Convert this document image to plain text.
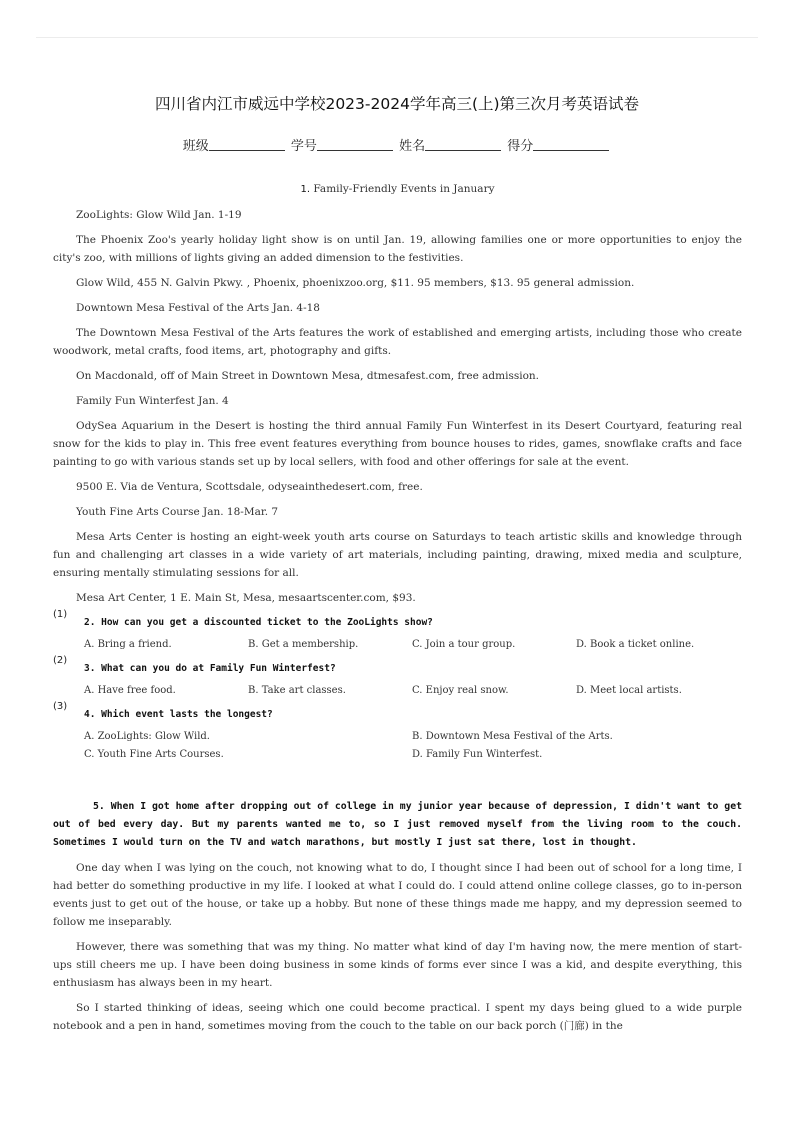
四川省内江市威远中学校2023-2024学年高三(上)第三次月考英语试卷
班级	学号	姓名	得分

1. Family-Friendly Events in January

ZooLights: Glow Wild Jan. 1-19

The Phoenix Zoo's yearly holiday light show is on until Jan. 19, allowing families one or more opportunities to enjoy the city's zoo, with millions of lights giving an added dimension to the festivities.

Glow Wild, 455 N. Galvin Pkwy. , Phoenix, phoenixzoo.org, $11. 95 members, $13. 95 general admission.

Downtown Mesa Festival of the Arts Jan. 4-18

The Downtown Mesa Festival of the Arts features the work of established and emerging artists, including those who create woodwork, metal crafts, food items, art, photography and gifts.

On Macdonald, off of Main Street in Downtown Mesa, dtmesafest.com, free admission.

Family Fun Winterfest Jan. 4

OdySea Aquarium in the Desert is hosting the third annual Family Fun Winterfest in its Desert Courtyard, featuring real snow for the kids to play in. This free event features everything from bounce houses to rides, games, snowflake crafts and face painting to go with various stands set up by local sellers, with food and other offerings for sale at the event.

9500 E. Via de Ventura, Scottsdale, odyseainthedesert.com, free.

Youth Fine Arts Course Jan. 18-Mar. 7

Mesa Arts Center is hosting an eight-week youth arts course on Saturdays to teach artistic skills and knowledge through fun and challenging art classes in a wide variety of art materials, including painting, drawing, mixed media and sculpture, ensuring mentally stimulating sessions for all.

Mesa Art Center, 1 E. Main St, Mesa, mesaartscenter.com, $93.

(1)
2. How can you get a discounted ticket to the ZooLights show?
A. Bring a friend.	B. Get a membership.	C. Join a tour group.	D. Book a ticket online.
(2)
3. What can you do at Family Fun Winterfest?
A. Have free food.	B. Take art classes.	C. Enjoy real snow.	D. Meet local artists.
(3)
4. Which event lasts the longest?
A. ZooLights: Glow Wild.	B. Downtown Mesa Festival of the Arts.
C. Youth Fine Arts Courses.	D. Family Fun Winterfest.

5. When I got home after dropping out of college in my junior year because of depression, I didn't want to get out of bed every day. But my parents wanted me to, so I just removed myself from the living room to the couch. Sometimes I would turn on the TV and watch marathons, but mostly I just sat there, lost in thought.

One day when I was lying on the couch, not knowing what to do, I thought since I had been out of school for a long time, I had better do something productive in my life. I looked at what I could do. I could attend online college classes, go to in-person events just to get out of the house, or take up a hobby. But none of these things made me happy, and my depression seemed to follow me inseparably.

However, there was something that was my thing. No matter what kind of day I'm having now, the mere mention of start-ups still cheers me up. I have been doing business in some kinds of forms ever since I was a kid, and despite everything, this enthusiasm has always been in my heart.

So I started thinking of ideas, seeing which one could become practical. I spent my days being glued to a wide purple notebook and a pen in hand, sometimes moving from the couch to the table on our back porch (门廊) in the
